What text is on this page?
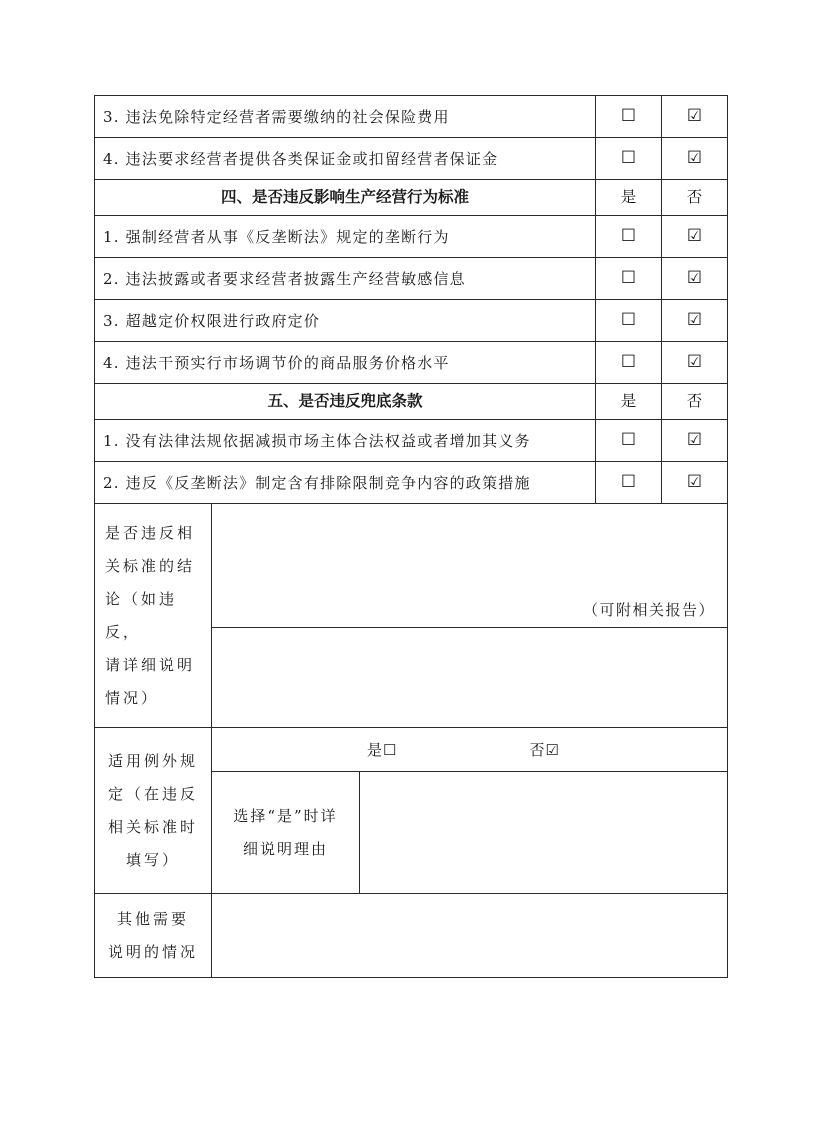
3. 违法免除特定经营者需要缴纳的社会保险费用			☐	☑
4. 违法要求经营者提供各类保证金或扣留经营者保证金			☐	☑
四、是否违反影响生产经营行为标准			是	否
1. 强制经营者从事《反垄断法》规定的垄断行为			☐	☑
2. 违法披露或者要求经营者披露生产经营敏感信息			☐	☑
3. 超越定价权限进行政府定价			☐	☑
4. 违法干预实行市场调节价的商品服务价格水平			☐	☑
五、是否违反兜底条款			是	否
1. 没有法律法规依据减损市场主体合法权益或者增加其义务			☐	☑
2. 违反《反垄断法》制定含有排除限制竞争内容的政策措施			☐	☑

是否违反相
关标准的结
论（如违反，
请详细说明
情况）	（可附相关报告）			

适用例外规
定（在违反
相关标准时
填写）	是☐ 否☑			

	选择“是”时详
细说明理由			

其他需要
说明的情况				
